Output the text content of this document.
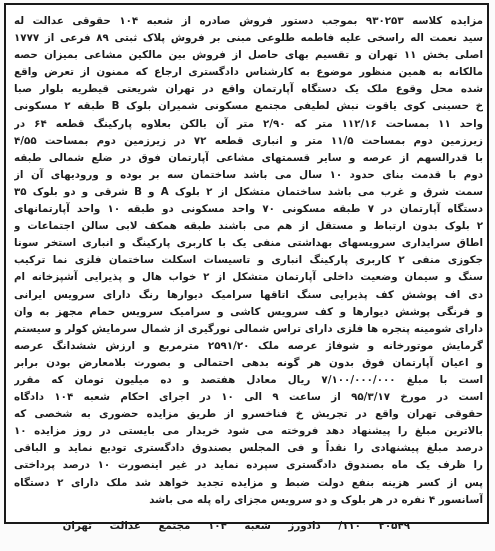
مزایده کلاسه ۹۳۰۲۵۳ بموجب دستور فروش صادره از شعبه ۱۰۴ حقوقی عدالت له
سید نعمت اله راسخی علیه فاطمه طلوعی مبنی بر فروش پلاک ثبتی ۸۹ فرعی از ۱۷۷۷
اصلی بخش ۱۱ تهران و تقسیم بهای حاصل از فروش بین مالکین مشاعی بمیزان حصه
مالکانه به همین منظور موضوع به کارشناس دادگستری ارجاع که ممنون از تعرض واقع
شده محل وقوع ملک یک دستگاه آپارتمان واقع در تهران شریعتی قیطریه بلوار صبا
خ حسینی کوی یاقوت نبش لطیفی مجتمع مسکونی شمیران بلوک B طبقه ۲ مسکونی
واحد ۱۱ بمساحت ۱۱۲/۱۶ متر که ۲/۹۰ متر آن بالکن بعلاوه پارکینگ قطعه ۶۴ در
زیرزمین دوم بمساحت ۱۱/۵ متر و انباری قطعه ۷۲ در زیرزمین دوم بمساحت ۴/۵۵
با قدرالسهم از عرصه و سایر قسمتهای مشاعی آپارتمان فوق در ضلع شمالی طبقه
دوم با قدمت بنای حدود ۱۰ سال می باشد ساختمان سه بر بوده و ورودیهای آن از
سمت شرق و غرب می باشد ساختمان متشکل از ۲ بلوک A و B شرقی و دو بلوک ۳۵
دستگاه آپارتمان در ۷ طبقه مسکونی ۷۰ واحد مسکونی دو طبقه ۱۰ واحد آپارتمانهای
۲ بلوک بدون ارتباط و مستقل از هم می باشند طبقه همکف لابی سالن اجتماعات و
اطاق سرایداری سرویسهای بهداشتی منفی یک با کاربری پارکینگ و انباری استخر سونا
جکوزی منفی ۲ کاربری پارکینگ انباری و تاسیسات اسکلت ساختمان فلزی نما ترکیب
سنگ و سیمان وضعیت داخلی آپارتمان متشکل از ۲ خواب هال و پذیرایی آشپزخانه ام
دی اف پوشش کف پذیرایی سنگ اتاقها سرامیک دیوارها رنگ دارای سرویس ایرانی
و فرنگی پوشش دیوارها و کف سرویس کاشی و سرامیک سرویس حمام مجهز به وان
دارای شومینه پنجره ها فلزی دارای تراس شمالی نورگیری از شمال سرمایش کولر و سیستم
گرمایش موتورخانه و شوفاژ عرصه ملک ۲۵۹۱/۲۰ مترمربع و ارزش ششدانگ عرصه
و اعیان آپارتمان فوق بدون هر گونه بدهی احتمالی و بصورت بلامعارض بودن برابر
است با مبلغ ۷/۱۰۰/۰۰۰/۰۰۰ ریال معادل هفتصد و ده میلیون تومان که مقرر
است در مورخ ۹۵/۳/۱۷ از ساعت ۹ الی ۱۰ در اجرای احکام شعبه ۱۰۴ دادگاه
حقوقی تهران واقع در تجریش خ فناخسرو از طریق مزایده حضوری به شخصی که
بالاترین مبلغ را پیشنهاد دهد فروخته می شود خریدار می بایستی در روز مزایده ۱۰
درصد مبلغ پیشنهادی را نقداً و فی المجلس بصندوق دادگستری تودیع نماید و الباقی
را ظرف یک ماه بصندوق دادگستری سپرده نماید در غیر اینصورت ۱۰ درصد پرداختی
پس از کسر هزینه بنفع دولت ضبط و مزایده تجدید خواهد شد ملک دارای ۲ دستگاه
آسانسور ۴ نفره در هر بلوک و دو سرویس مجزای راه پله می باشد
۲۰۵۴۹ ۱۱۰/ دادورز شعبه ۱۰۴ مجتمع عدالت تهران
